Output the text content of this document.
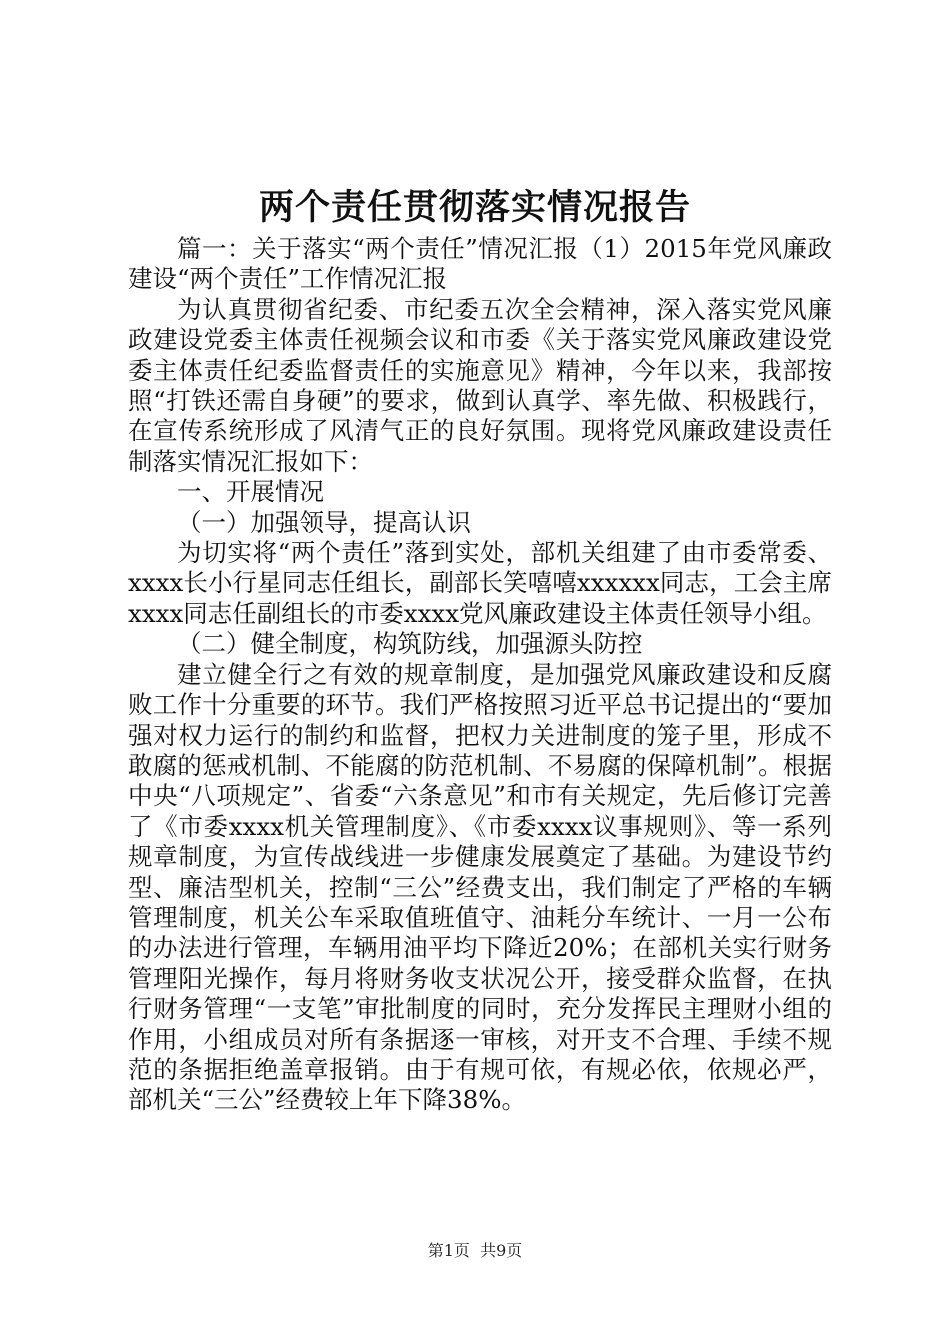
两个责任贯彻落实情况报告

篇一：关于落实“两个责任”情况汇报（1）2015年党风廉政建设“两个责任”工作情况汇报

为认真贯彻省纪委、市纪委五次全会精神，深入落实党风廉政建设党委主体责任视频会议和市委《关于落实党风廉政建设党委主体责任纪委监督责任的实施意见》精神，今年以来，我部按照“打铁还需自身硬”的要求，做到认真学、率先做、积极践行，在宣传系统形成了风清气正的良好氛围。现将党风廉政建设责任制落实情况汇报如下：

一、开展情况

（一）加强领导，提高认识

为切实将“两个责任”落到实处，部机关组建了由市委常委、xxxx长小行星同志任组长，副部长笑嘻嘻xxxxxx同志，工会主席xxxx同志任副组长的市委xxxx党风廉政建设主体责任领导小组。

（二）健全制度，构筑防线，加强源头防控

建立健全行之有效的规章制度，是加强党风廉政建设和反腐败工作十分重要的环节。我们严格按照习近平总书记提出的“要加强对权力运行的制约和监督，把权力关进制度的笼子里，形成不敢腐的惩戒机制、不能腐的防范机制、不易腐的保障机制”。根据中央“八项规定”、省委“六条意见”和市有关规定，先后修订完善了《市委xxxx机关管理制度》、《市委xxxx议事规则》、等一系列规章制度，为宣传战线进一步健康发展奠定了基础。为建设节约型、廉洁型机关，控制“三公”经费支出，我们制定了严格的车辆管理制度，机关公车采取值班值守、油耗分车统计、一月一公布的办法进行管理，车辆用油平均下降近20%；在部机关实行财务管理阳光操作，每月将财务收支状况公开，接受群众监督，在执行财务管理“一支笔”审批制度的同时，充分发挥民主理财小组的作用，小组成员对所有条据逐一审核，对开支不合理、手续不规范的条据拒绝盖章报销。由于有规可依，有规必依，依规必严，部机关“三公”经费较上年下降38%。

第1页 共9页
